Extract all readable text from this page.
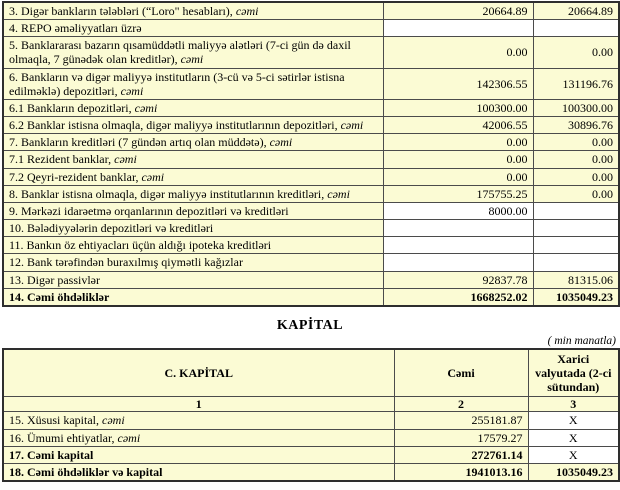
3. Digər bankların tələbləri (“Loro" hesabları), cəmi	20664.89	20664.89
4. REPO əməliyyatları üzrə		
5. Banklararası bazarın qısamüddətli maliyyə alətləri (7-ci gün də daxil olmaqla, 7 günədək olan kreditlər), cəmi	0.00	0.00
6. Bankların və digər maliyyə institutların (3-cü və 5-ci sətirlər istisna edilməklə) depozitləri, cəmi	142306.55	131196.76
6.1 Bankların depozitləri, cəmi	100300.00	100300.00
6.2 Banklar istisna olmaqla, digər maliyyə institutlarının depozitləri, cəmi	42006.55	30896.76
7. Bankların kreditləri (7 gündən artıq olan müddətə), cəmi	0.00	0.00
7.1 Rezident banklar, cəmi	0.00	0.00
7.2 Qeyri-rezident banklar, cəmi	0.00	0.00
8. Banklar istisna olmaqla, digər maliyyə institutlarının kreditləri, cəmi	175755.25	0.00
9. Mərkəzi idarəetmə orqanlarının depozitləri və kreditləri	8000.00	
10. Bələdiyyələrin depozitləri və kreditləri		
11. Bankın öz ehtiyacları üçün aldığı ipoteka kreditləri		
12. Bank tərəfindən buraxılmış qiymətli kağızlar		
13. Digər passivlər	92837.78	81315.06
14. Cəmi öhdəliklər	1668252.02	1035049.23
KAPİTAL
( min manatla)
C. KAPİTAL	Cəmi	Xarici valyutada (2-ci sütundan)
1	2	3
15. Xüsusi kapital, cəmi	255181.87	X
16. Ümumi ehtiyatlar, cəmi	17579.27	X
17. Cəmi kapital	272761.14	X
18. Cəmi öhdəliklər və kapital	1941013.16	1035049.23
